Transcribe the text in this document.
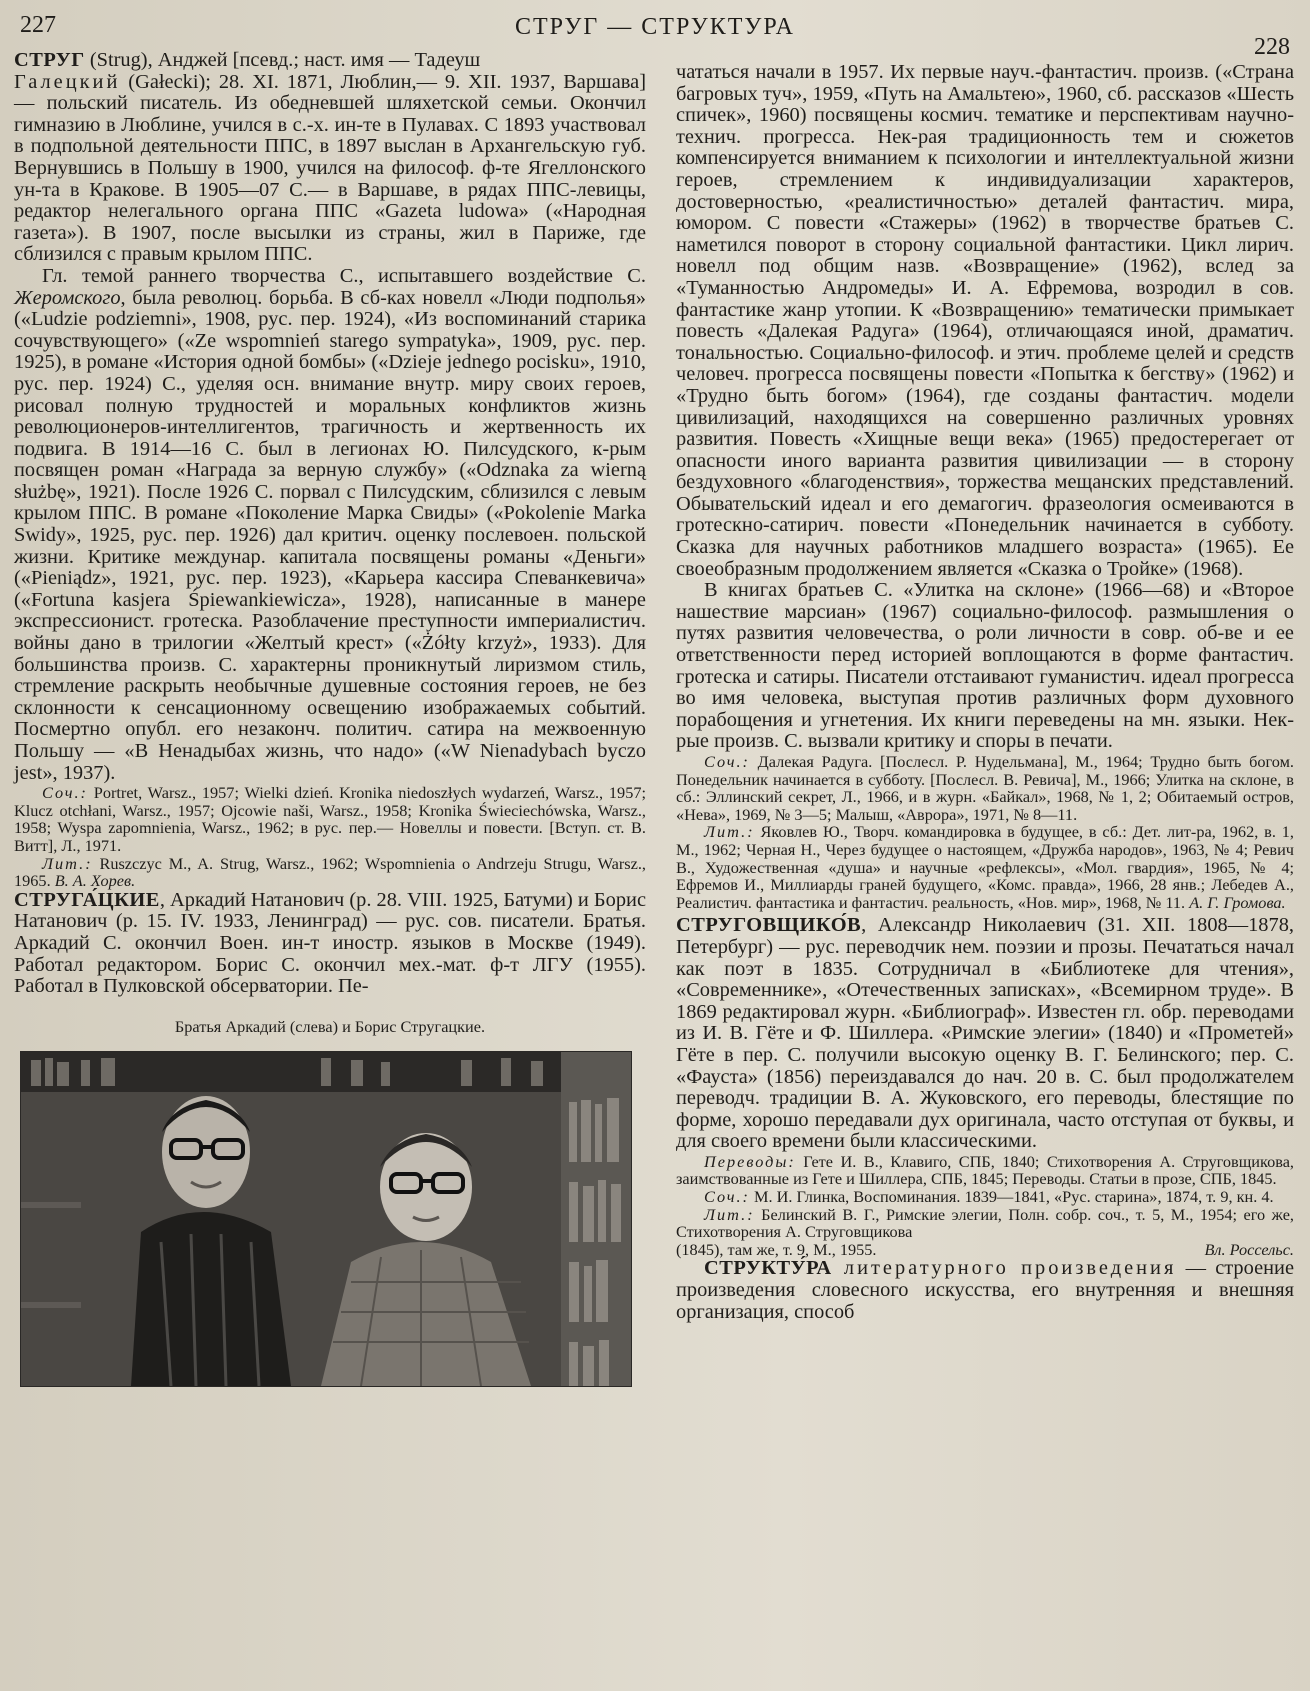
227	СТРУГ — СТРУКТУРА
228

СТРУГ (Strug), Анджей [псевд.; наст. имя — Тадеуш
Галецкий (Gałecki); 28. XI. 1871, Люблин,— 9. XII. 1937, Варшава] — польский писатель. Из обедневшей шляхетской семьи. Окончил гимназию в Люблине, учился в с.-х. ин-те в Пулавах. С 1893 участвовал в подпольной деятельности ППС, в 1897 выслан в Архангельскую губ. Вернувшись в Польшу в 1900, учился на философ. ф-те Ягеллонского ун-та в Кракове. В 1905—07 С.— в Варшаве, в рядах ППС-левицы, редактор нелегального органа ППС «Gazeta ludowa» («Народная газета»). В 1907, после высылки из страны, жил в Париже, где сблизился с правым крылом ППС.

Гл. темой раннего творчества С., испытавшего воздействие С. Жеромского, была революц. борьба. В сб-ках новелл «Люди подполья» («Ludzie podziemni», 1908, рус. пер. 1924), «Из воспоминаний старика сочувствующего» («Ze wspomnień starego sympatyka», 1909, рус. пер. 1925), в романе «История одной бомбы» («Dzieje jednego pocisku», 1910, рус. пер. 1924) С., уделяя осн. внимание внутр. миру своих героев, рисовал полную трудностей и моральных конфликтов жизнь революционеров-интеллигентов, трагичность и жертвенность их подвига. В 1914—16 С. был в легионах Ю. Пилсудского, к-рым посвящен роман «Награда за верную службу» («Odznaka za wierną służbę», 1921). После 1926 С. порвал с Пилсудским, сблизился с левым крылом ППС. В романе «Поколение Марка Свиды» («Pokolenie Marka Swidy», 1925, рус. пер. 1926) дал критич. оценку послевоен. польской жизни. Критике междунар. капитала посвящены романы «Деньги» («Pieniądz», 1921, рус. пер. 1923), «Карьера кассира Спеванкевича» («Fortuna kasjera Śpiewankiewicza», 1928), написанные в манере экспрессионист. гротеска. Разоблачение преступности империалистич. войны дано в трилогии «Желтый крест» («Żółty krzyż», 1933). Для большинства произв. С. характерны проникнутый лиризмом стиль, стремление раскрыть необычные душевные состояния героев, не без склонности к сенсационному освещению изображаемых событий. Посмертно опубл. его незаконч. политич. сатира на межвоенную Польшу — «В Ненадыбах жизнь, что надо» («W Nienadybach byczo jest», 1937).

Соч.: Portret, Warsz., 1957; Wielki dzień. Kronika niedoszłych wydarzeń, Warsz., 1957; Klucz otchłani, Warsz., 1957; Ojcowie naši, Warsz., 1958; Kronika Świeciechówska, Warsz., 1958; Wyspa zapomnienia, Warsz., 1962; в рус. пер.— Новеллы и повести. [Вступ. ст. В. Витт], Л., 1971.

Лит.: Ruszczyc M., A. Strug, Warsz., 1962; Wspomnienia o Andrzeju Strugu, Warsz., 1965. В. А. Хорев.

СТРУГА́ЦКИЕ, Аркадий Натанович (р. 28. VIII. 1925, Батуми) и Борис Натанович (р. 15. IV. 1933, Ленинград) — рус. сов. писатели. Братья. Аркадий С. окончил Воен. ин-т иностр. языков в Москве (1949). Работал редактором. Борис С. окончил мех.-мат. ф-т ЛГУ (1955). Работал в Пулковской обсерватории. Пе-

Братья Аркадий (слева) и Борис Стругацкие.

чататься начали в 1957. Их первые науч.-фантастич. произв. («Страна багровых туч», 1959, «Путь на Амальтею», 1960, сб. рассказов «Шесть спичек», 1960) посвящены космич. тематике и перспективам научно-технич. прогресса. Нек-рая традиционность тем и сюжетов компенсируется вниманием к психологии и интеллектуальной жизни героев, стремлением к индивидуализации характеров, достоверностью, «реалистичностью» деталей фантастич. мира, юмором. С повести «Стажеры» (1962) в творчестве братьев С. наметился поворот в сторону социальной фантастики. Цикл лирич. новелл под общим назв. «Возвращение» (1962), вслед за «Туманностью Андромеды» И. А. Ефремова, возродил в сов. фантастике жанр утопии. К «Возвращению» тематически примыкает повесть «Далекая Радуга» (1964), отличающаяся иной, драматич. тональностью. Социально-философ. и этич. проблеме целей и средств человеч. прогресса посвящены повести «Попытка к бегству» (1962) и «Трудно быть богом» (1964), где созданы фантастич. модели цивилизаций, находящихся на совершенно различных уровнях развития. Повесть «Хищные вещи века» (1965) предостерегает от опасности иного варианта развития цивилизации — в сторону бездуховного «благоденствия», торжества мещанских представлений. Обывательский идеал и его демагогич. фразеология осмеиваются в гротескно-сатирич. повести «Понедельник начинается в субботу. Сказка для научных работников младшего возраста» (1965). Ее своеобразным продолжением является «Сказка о Тройке» (1968).

В книгах братьев С. «Улитка на склоне» (1966—68) и «Второе нашествие марсиан» (1967) социально-философ. размышления о путях развития человечества, о роли личности в совр. об-ве и ее ответственности перед историей воплощаются в форме фантастич. гротеска и сатиры. Писатели отстаивают гуманистич. идеал прогресса во имя человека, выступая против различных форм духовного порабощения и угнетения. Их книги переведены на мн. языки. Нек-рые произв. С. вызвали критику и споры в печати.

Соч.: Далекая Радуга. [Послесл. Р. Нудельмана], М., 1964; Трудно быть богом. Понедельник начинается в субботу. [Послесл. В. Ревича], М., 1966; Улитка на склоне, в сб.: Эллинский секрет, Л., 1966, и в журн. «Байкал», 1968, № 1, 2; Обитаемый остров, «Нева», 1969, № 3—5; Малыш, «Аврора», 1971, № 8—11.

Лит.: Яковлев Ю., Творч. командировка в будущее, в сб.: Дет. лит-ра, 1962, в. 1, М., 1962; Черная Н., Через будущее о настоящем, «Дружба народов», 1963, № 4; Ревич В., Художественная «душа» и научные «рефлексы», «Мол. гвардия», 1965, № 4; Ефремов И., Миллиарды граней будущего, «Комс. правда», 1966, 28 янв.; Лебедев А., Реалистич. фантастика и фантастич. реальность, «Нов. мир», 1968, № 11. А. Г. Громова.

СТРУГОВЩИКО́В, Александр Николаевич (31. XII. 1808—1878, Петербург) — рус. переводчик нем. поэзии и прозы. Печататься начал как поэт в 1835. Сотрудничал в «Библиотеке для чтения», «Современнике», «Отечественных записках», «Всемирном труде». В 1869 редактировал журн. «Библиограф». Известен гл. обр. переводами из И. В. Гёте и Ф. Шиллера. «Римские элегии» (1840) и «Прометей» Гёте в пер. С. получили высокую оценку В. Г. Белинского; пер. С. «Фауста» (1856) переиздавался до нач. 20 в. С. был продолжателем переводч. традиции В. А. Жуковского, его переводы, блестящие по форме, хорошо передавали дух оригинала, часто отступая от буквы, и для своего времени были классическими.

Переводы: Гете И. В., Клавиго, СПБ, 1840; Стихотворения А. Струговщикова, заимствованные из Гете и Шиллера, СПБ, 1845; Переводы. Статьи в прозе, СПБ, 1845.

Соч.: М. И. Глинка, Воспоминания. 1839—1841, «Рус. старина», 1874, т. 9, кн. 4.

Лит.: Белинский В. Г., Римские элегии, Полн. собр. соч., т. 5, М., 1954; его же, Стихотворения А. Струговщикова

(1845), там же, т. 9, М., 1955.	Вл. Россельс.

СТРУКТУ́РА литературного произведения — строение произведения словесного искусства, его внутренняя и внешняя организация, способ
